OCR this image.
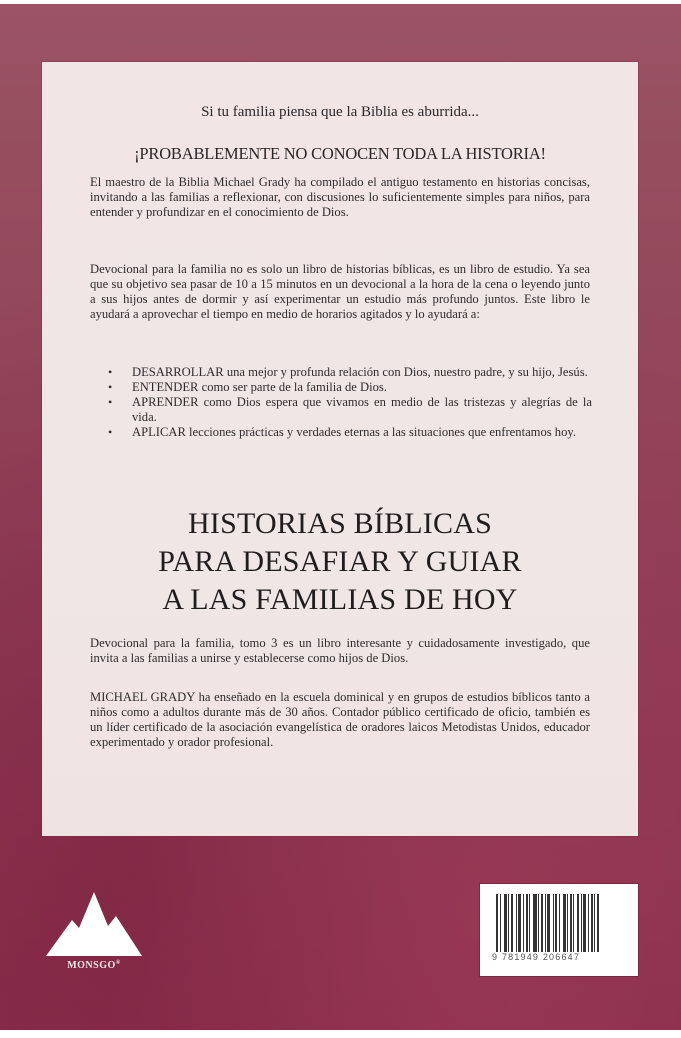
Si tu familia piensa que la Biblia es aburrida...
¡PROBABLEMENTE NO CONOCEN TODA LA HISTORIA!
El maestro de la Biblia Michael Grady ha compilado el antiguo testamento en historias concisas, invitando a las familias a reflexionar, con discusiones lo suficientemente simples para niños, para entender y profundizar en el conocimiento de Dios.
Devocional para la familia no es solo un libro de historias bíblicas, es un libro de estudio. Ya sea que su objetivo sea pasar de 10 a 15 minutos en un devocional a la hora de la cena o leyendo junto a sus hijos antes de dormir y así experimentar un estudio más profundo juntos. Este libro le ayudará a aprovechar el tiempo en medio de horarios agitados y lo ayudará a:
• DESARROLLAR una mejor y profunda relación con Dios, nuestro padre, y su hijo, Jesús.
• ENTENDER como ser parte de la familia de Dios.
• APRENDER como Dios espera que vivamos en medio de las tristezas y alegrías de la vida.
• APLICAR lecciones prácticas y verdades eternas a las situaciones que enfrentamos hoy.
HISTORIAS BÍBLICAS
PARA DESAFIAR Y GUIAR
A LAS FAMILIAS DE HOY
Devocional para la familia, tomo 3 es un libro interesante y cuidadosamente investigado, que invita a las familias a unirse y establecerse como hijos de Dios.
MICHAEL GRADY ha enseñado en la escuela dominical y en grupos de estudios bíblicos tanto a niños como a adultos durante más de 30 años. Contador público certificado de oficio, también es un líder certificado de la asociación evangelística de oradores laicos Metodistas Unidos, educador experimentado y orador profesional.
MONSGO®
9 781949 206647
